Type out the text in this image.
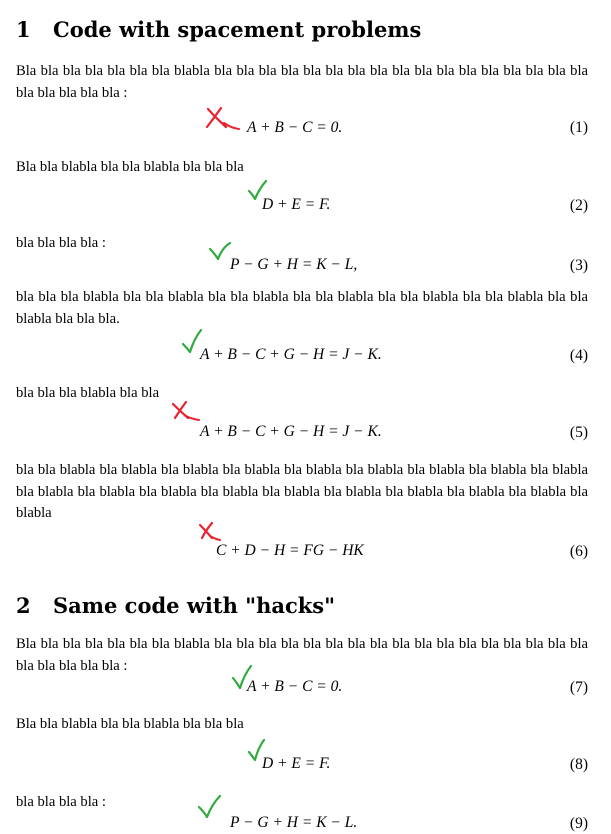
1 Code with spacement problems
Bla bla bla bla bla bla bla blabla bla bla bla bla bla bla bla bla bla bla bla bla bla bla bla bla bla bla bla bla bla bla :
A + B − C = 0.	(1)
Bla bla blabla bla bla blabla bla bla bla
D + E = F.	(2)
bla bla bla bla :
P − G + H = K − L,	(3)
bla bla bla blabla bla bla blabla bla bla blabla bla bla blabla bla bla blabla bla bla blabla bla bla blabla bla bla bla.
A + B − C + G − H = J − K.	(4)
bla bla bla blabla bla bla
A + B − C + G − H = J − K.	(5)
bla bla blabla bla blabla bla blabla bla blabla bla blabla bla blabla bla blabla bla blabla bla blabla bla blabla bla blabla bla blabla bla blabla bla blabla bla blabla bla blabla bla blabla bla blabla bla blabla
C + D − H = FG − HK	(6)
2 Same code with "hacks"
Bla bla bla bla bla bla bla blabla bla bla bla bla bla bla bla bla bla bla bla bla bla bla bla bla bla bla bla bla bla bla :
A + B − C = 0.	(7)
Bla bla blabla bla bla blabla bla bla bla
D + E = F.	(8)
bla bla bla bla :
P − G + H = K − L.	(9)
